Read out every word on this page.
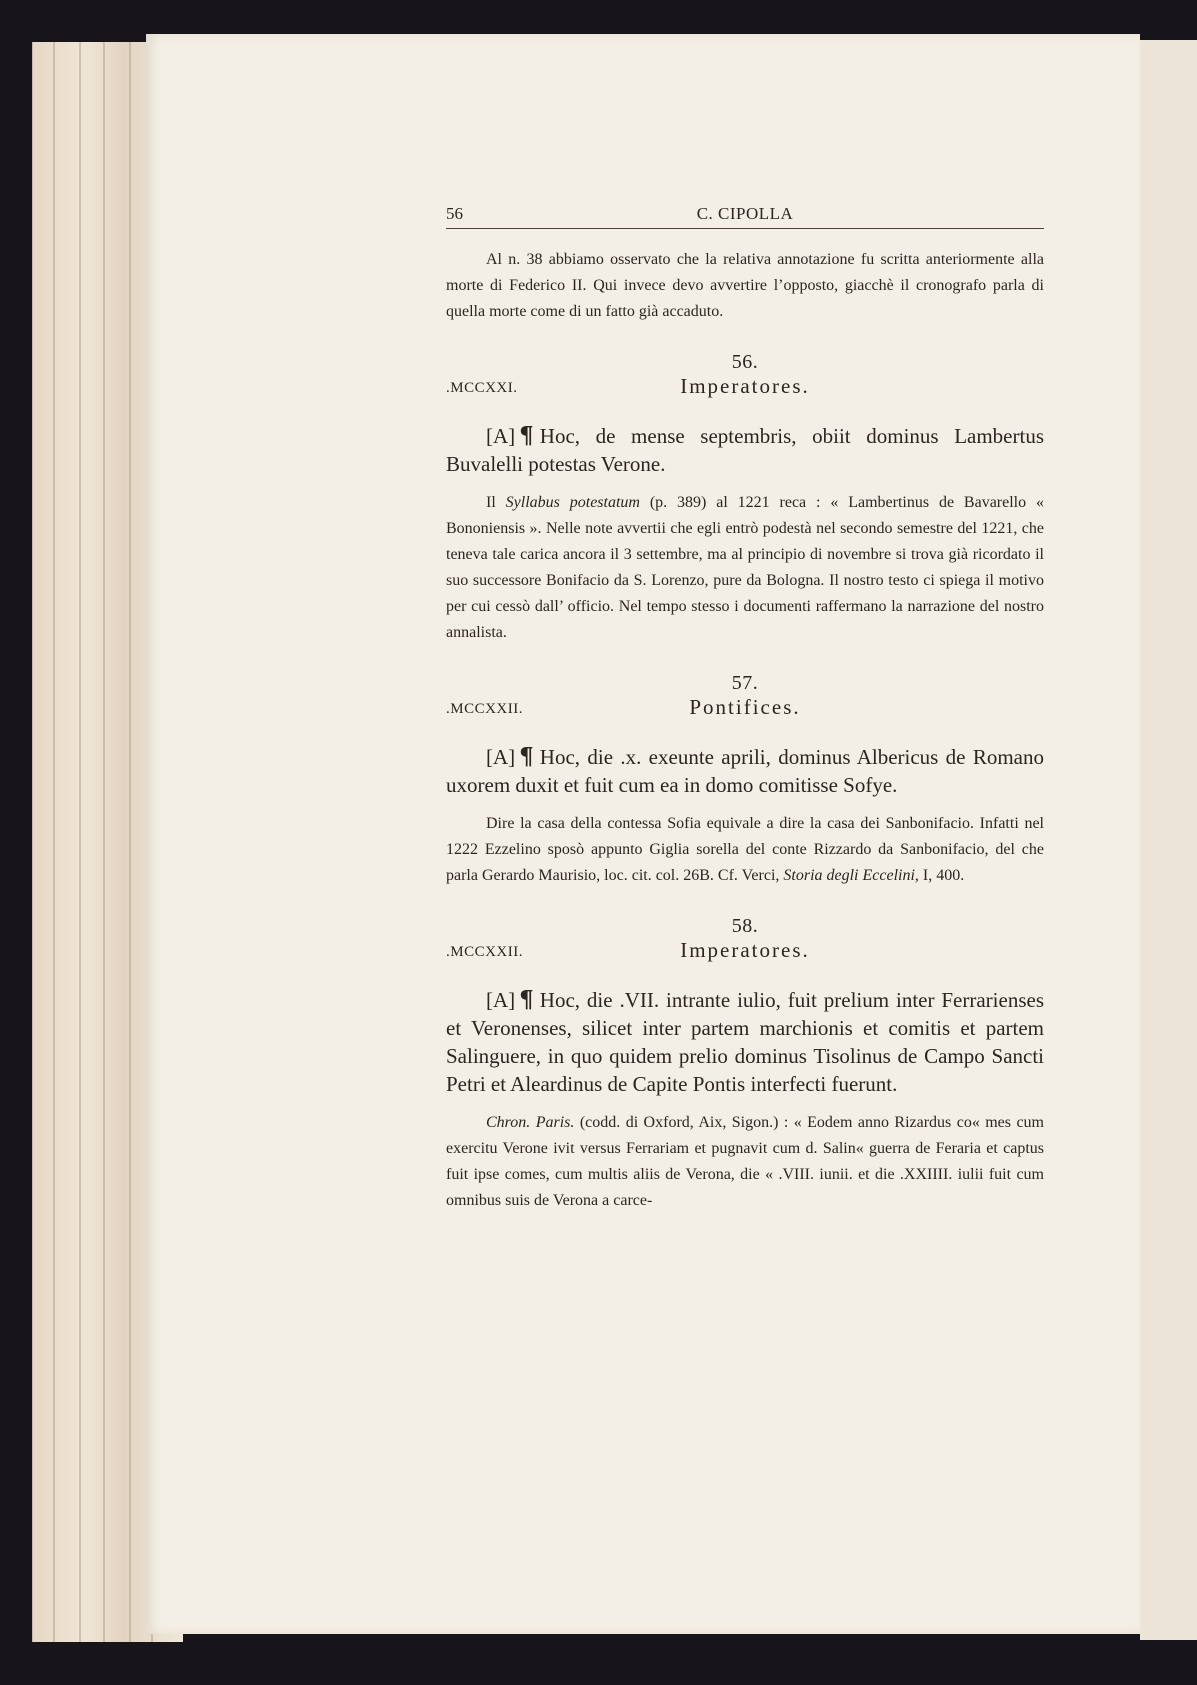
56	C. CIPOLLA

Al n. 38 abbiamo osservato che la relativa annotazione fu scritta anteriormente alla morte di Federico II. Qui invece devo avvertire l’opposto, giacchè il cronografo parla di quella morte come di un fatto già accaduto.

56.
.MCCXXI.	Imperatores.

[A] ¶ Hoc, de mense septembris, obiit dominus Lambertus Buvalelli potestas Verone.

Il Syllabus potestatum (p. 389) al 1221 reca : « Lambertinus de Bavarello « Bononiensis ». Nelle note avvertii che egli entrò podestà nel secondo semestre del 1221, che teneva tale carica ancora il 3 settembre, ma al principio di novembre si trova già ricordato il suo successore Bonifacio da S. Lorenzo, pure da Bologna. Il nostro testo ci spiega il motivo per cui cessò dall’ officio. Nel tempo stesso i documenti raffermano la narrazione del nostro annalista.

57.
.MCCXXII.	Pontifices.

[A] ¶ Hoc, die .x. exeunte aprili, dominus Albericus de Romano uxorem duxit et fuit cum ea in domo comitisse Sofye.

Dire la casa della contessa Sofia equivale a dire la casa dei Sanbonifacio. Infatti nel 1222 Ezzelino sposò appunto Giglia sorella del conte Rizzardo da Sanbonifacio, del che parla Gerardo Maurisio, loc. cit. col. 26B. Cf. Verci, Storia degli Eccelini, I, 400.

58.
.MCCXXII.	Imperatores.

[A] ¶ Hoc, die .VII. intrante iulio, fuit prelium inter Ferrarienses et Veronenses, silicet inter partem marchionis et comitis et partem Salinguere, in quo quidem prelio dominus Tisolinus de Campo Sancti Petri et Aleardinus de Capite Pontis interfecti fuerunt.

Chron. Paris. (codd. di Oxford, Aix, Sigon.) : « Eodem anno Rizardus co« mes cum exercitu Verone ivit versus Ferrariam et pugnavit cum d. Salin« guerra de Feraria et captus fuit ipse comes, cum multis aliis de Verona, die « .VIII. iunii. et die .XXIIII. iulii fuit cum omnibus suis de Verona a carce-
